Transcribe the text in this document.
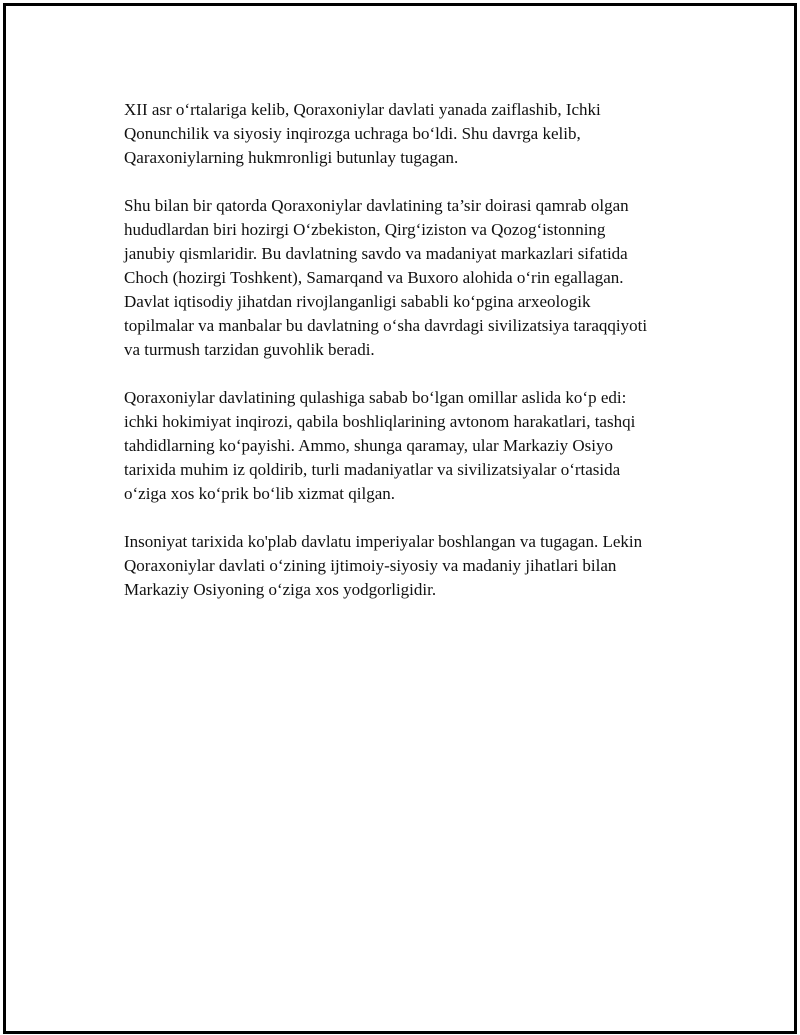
XII asr o‘rtalariga kelib, Qoraxoniylar davlati yanada zaiflashib, Ichki
Qonunchilik va siyosiy inqirozga uchraga bo‘ldi. Shu davrga kelib,
Qaraxoniylarning hukmronligi butunlay tugagan.

Shu bilan bir qatorda Qoraxoniylar davlatining ta’sir doirasi qamrab olgan
hududlardan biri hozirgi O‘zbekiston, Qirg‘iziston va Qozog‘istonning
janubiy qismlaridir. Bu davlatning savdo va madaniyat markazlari sifatida
Choch (hozirgi Toshkent), Samarqand va Buxoro alohida o‘rin egallagan.
Davlat iqtisodiy jihatdan rivojlanganligi sababli ko‘pgina arxeologik
topilmalar va manbalar bu davlatning o‘sha davrdagi sivilizatsiya taraqqiyoti
va turmush tarzidan guvohlik beradi.

Qoraxoniylar davlatining qulashiga sabab bo‘lgan omillar aslida ko‘p edi:
ichki hokimiyat inqirozi, qabila boshliqlarining avtonom harakatlari, tashqi
tahdidlarning ko‘payishi. Ammo, shunga qaramay, ular Markaziy Osiyo
tarixida muhim iz qoldirib, turli madaniyatlar va sivilizatsiyalar o‘rtasida
o‘ziga xos ko‘prik bo‘lib xizmat qilgan.

Insoniyat tarixida ko'plab davlatu imperiyalar boshlangan va tugagan. Lekin
Qoraxoniylar davlati o‘zining ijtimoiy-siyosiy va madaniy jihatlari bilan
Markaziy Osiyoning o‘ziga xos yodgorligidir.
